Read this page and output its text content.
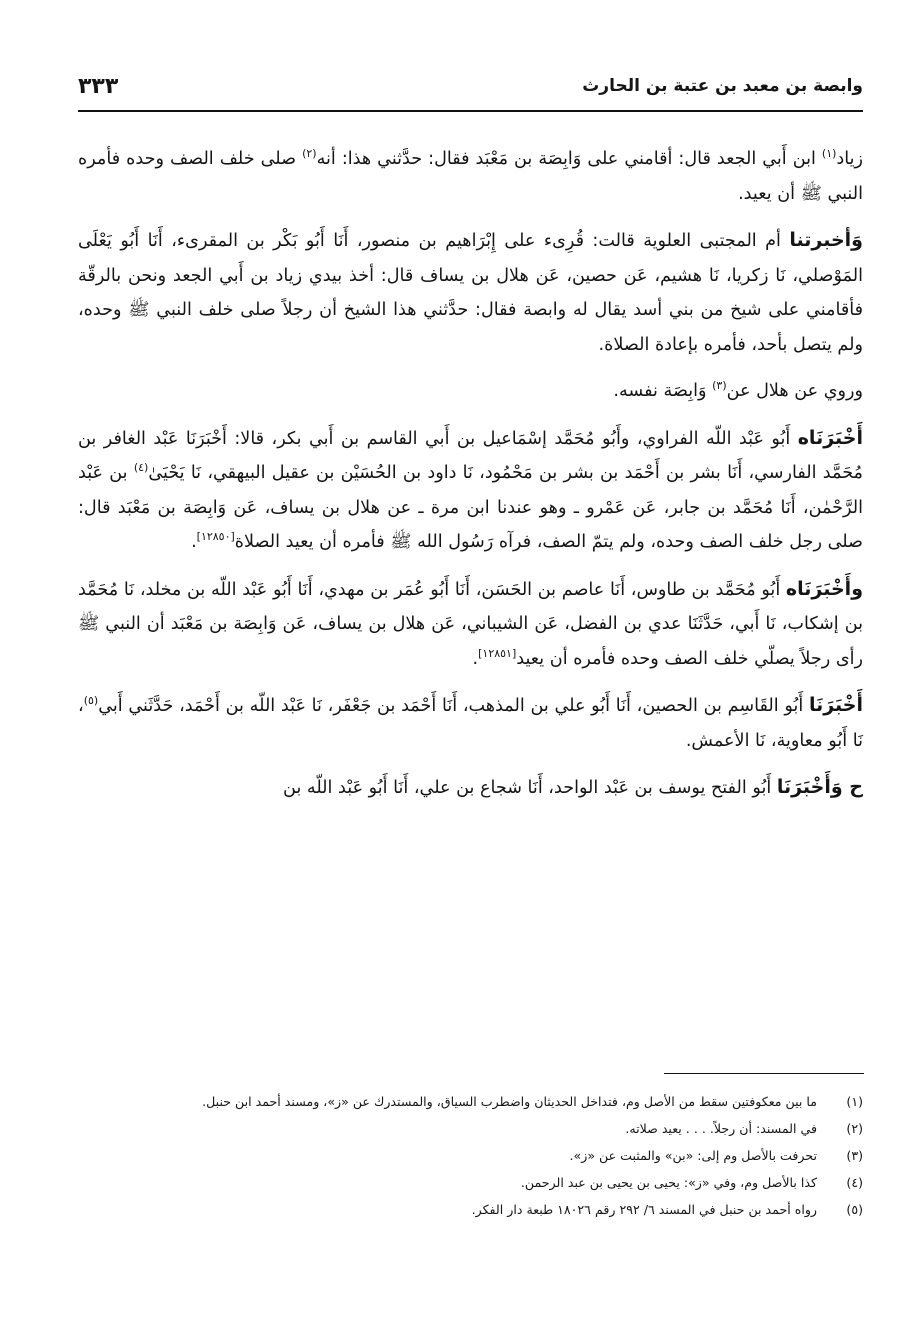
٣٣٣	وابصة بن معبد بن عتبة بن الحارث

زياد$^{(١)}$ ابن أَبي الجعد قال: أقامني على وَابِصَة بن مَعْبَد فقال: حدَّثني هذا: أنه$^{(٢)}$ صلى خلف الصف وحده فأمره النبي ﷺ أن يعيد.

وَأخبرتنا أم المجتبى العلوية قالت: قُرِىء على إِبْرَاهيم بن منصور، أَنَا أَبُو بَكْر بن المقرىء، أَنَا أَبُو يَعْلَى المَوْصلي، نَا زكريا، نَا هشيم، عَن حصين، عَن هلال بن يساف قال: أخذ بيدي زياد بن أَبي الجعد ونحن بالرقّة فأقامني على شيخ من بني أسد يقال له وابصة فقال: حدَّثني هذا الشيخ أن رجلاً صلى خلف النبي ﷺ وحده، ولم يتصل بأحد، فأمره بإعادة الصلاة.

وروي عن هلال عن$^{(٣)}$ وَابِصَة نفسه.

أَخْبَرَنَاه أَبُو عَبْد اللّه الفراوي، وأَبُو مُحَمَّد إسْمَاعيل بن أَبي القاسم بن أَبي بكر، قالا: أَخْبَرَنَا عَبْد الغافر بن مُحَمَّد الفارسي، أَنَا بشر بن أَحْمَد بن بشر بن مَحْمُود، نَا داود بن الحُسَيْن بن عقيل البيهقي، نَا يَحْيَىٰ$^{(٤)}$ بن عَبْد الرَّحْمٰن، أَنَا مُحَمَّد بن جابر، عَن عَمْرو ـ وهو عندنا ابن مرة ـ عن هلال بن يساف، عَن وَابِصَة بن مَعْبَد قال: صلى رجل خلف الصف وحده، ولم يتمّ الصف، فرآه رَسُول الله ﷺ فأمره أن يعيد الصلاة[١٢٨٥٠].

وأَخْبَرَنَاه أَبُو مُحَمَّد بن طاوس، أَنَا عاصم بن الحَسَن، أَنَا أَبُو عُمَر بن مهدي، أَنَا أَبُو عَبْد اللّه بن مخلد، نَا مُحَمَّد بن إشكاب، نَا أَبي، حَدَّثَنَا عدي بن الفضل، عَن الشيباني، عَن هلال بن يساف، عَن وَابِصَة بن مَعْبَد أن النبي ﷺ رأى رجلاً يصلّي خلف الصف وحده فأمره أن يعيد[١٢٨٥١].

أَخْبَرَنَا أَبُو القَاسِم بن الحصين، أَنَا أَبُو علي بن المذهب، أَنَا أَحْمَد بن جَعْفَر، نَا عَبْد اللّه بن أَحْمَد، حَدَّثَني أَبي$^{(٥)}$، نَا أَبُو معاوية، نَا الأعمش.

ح وَأَخْبَرَنَا أَبُو الفتح يوسف بن عَبْد الواحد، أَنَا شجاع بن علي، أَنَا أَبُو عَبْد اللّه بن

(١)
ما بين معكوفتين سقط من الأصل وم، فتداخل الحديثان واضطرب السياق، والمستدرك عن «ز»، ومسند أحمد ابن حنبل.
(٢)
في المسند: أن رجلاً. . . . يعيد صلاته.
(٣)
تحرفت بالأصل وم إلى: «بن» والمثبت عن «ز».
(٤)
كذا بالأصل وم، وفي «ز»: يحيى بن يحيى بن عبد الرحمن.
(٥)
رواه أحمد بن حنبل في المسند ٦/ ٢٩٢ رقم ١٨٠٢٦ طبعة دار الفكر.
